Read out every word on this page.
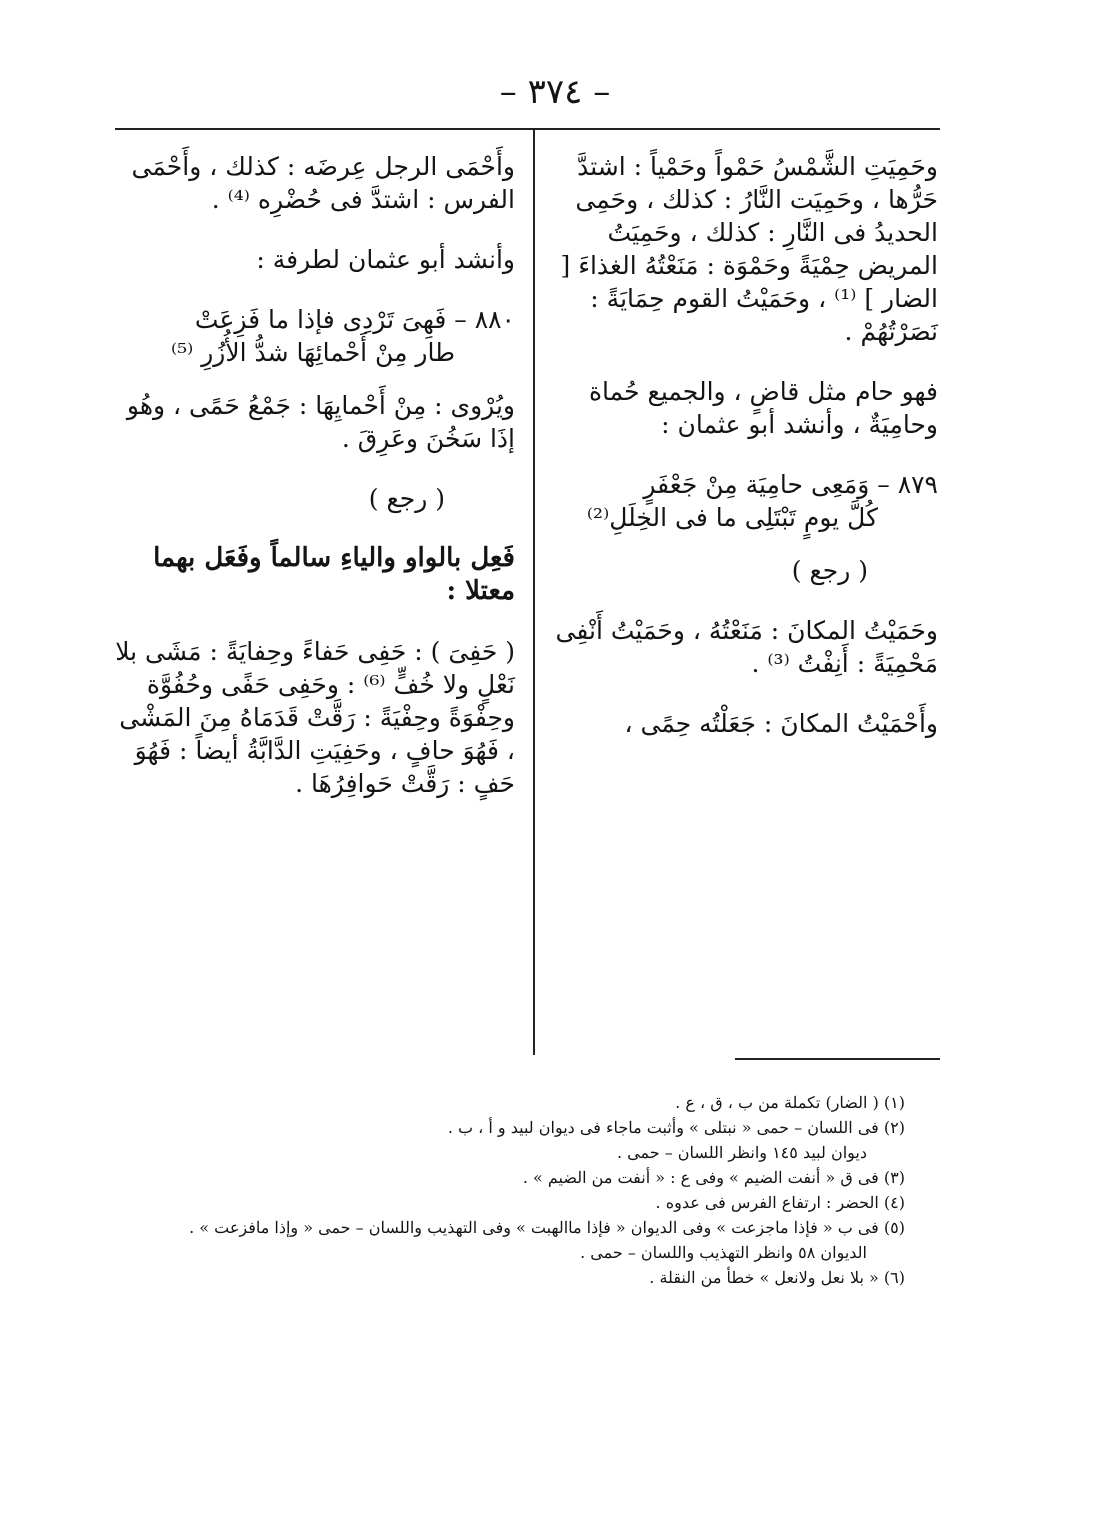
– ٣٧٤ –

وحَمِيَتِ الشَّمْسُ حَمْواً وحَمْياً : اشتدَّ حَرُّها ، وحَمِيَت النَّارُ : كذلك ، وحَمِى الحديدُ فى النَّارِ : كذلك ، وحَمِيَتُ المريض حِمْيَةً وحَمْوَة : مَنَعْتُهُ الغذاءَ [ الضار ] ⁽¹⁾ ، وحَمَيْتُ القوم حِمَايَةً : نَصَرْتُهُمْ .

فهو حام مثل قاضٍ ، والجميع حُماة وحامِيَةٌ ، وأنشد أبو عثمان :

٨٧٩ – وَمَعِى حامِيَة مِنْ جَعْفَرٍ
كُلَّ يومٍ تَبْتَلِى ما فى الخِلَلِ⁽²⁾
( رجع )

وحَمَيْتُ المكانَ : مَنَعْتُهُ ، وحَمَيْتُ أَنْفِى مَحْمِيَةً : أَنِفْتُ ⁽³⁾ .

وأَحْمَيْتُ المكانَ : جَعَلْتُه حِمًى ،

وأَحْمَى الرجل عِرضَه : كذلك ، وأَحْمَى الفرس : اشتدَّ فى حُضْرِه ⁽⁴⁾ .

وأنشد أبو عثمان لطرفة :

٨٨٠ – فَهِىَ تَرْدِى فإذا ما فَزِعَتْ
طار مِنْ أَحْمائِهَا شدُّ الأُزُرِ ⁽⁵⁾

ويُرْوى : مِنْ أَحْمايِهَا : جَمْعُ حَمًى ، وهُو إذَا سَخُنَ وعَرِقَ .

( رجع )

فَعِل بالواو والياءِ سالماً وفَعَل بهما معتلا :

( حَفِىَ ) : حَفِى حَفاءً وحِفايَةً : مَشَى بلا نَعْلٍ ولا خُفٍّ ⁽⁶⁾ : وحَفِى حَفًى وحُفُوَّة وحِفْوَةً وحِفْيَةً : رَقَّتْ قَدَمَاهُ مِنَ المَشْى ، فَهُوَ حافٍ ، وحَفِيَتِ الدَّابَّةُ أيضاً : فَهُوَ حَفٍ : رَقَّتْ حَوافِرُهَا .

(١) ( الضار) تكملة من ب ، ق ، ع .
(٢) فى اللسان – حمى « نبتلى » وأثبت ماجاء فى ديوان لبيد و أ ، ب .
ديوان لبيد ١٤٥ وانظر اللسان – حمى .
(٣) فى ق « أنفت الضيم » وفى ع : « أنفت من الضيم » .
(٤) الحضر : ارتفاع الفرس فى عدوه .
(٥) فى ب « فإذا ماجزعت » وفى الديوان « فإذا ماالهبت » وفى التهذيب واللسان – حمى « وإذا مافزعت » .
الديوان ٥٨ وانظر التهذيب واللسان – حمى .
(٦) « بلا نعل ولانعل » خطأ من النقلة .
